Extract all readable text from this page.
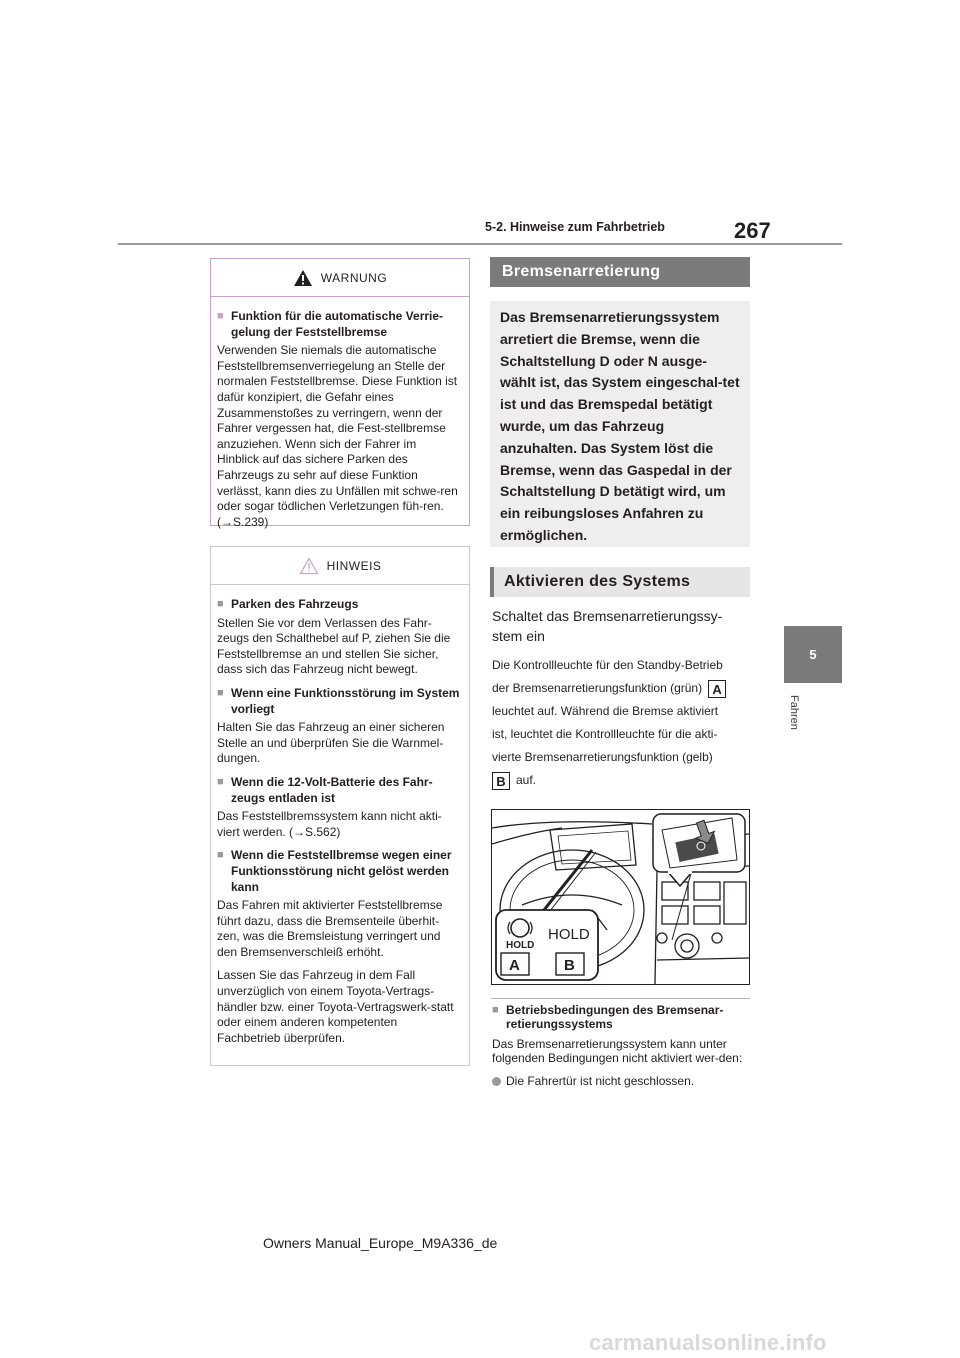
5-2. Hinweise zum Fahrbetrieb	267
5
Fahren
WARNUNG
■ Funktion für die automatische Verrie-gelung der Feststellbremse
Verwenden Sie niemals die automatische Feststellbremsenverriegelung an Stelle der normalen Feststellbremse. Diese Funktion ist dafür konzipiert, die Gefahr eines Zusammenstoßes zu verringern, wenn der Fahrer vergessen hat, die Fest-stellbremse anzuziehen. Wenn sich der Fahrer im Hinblick auf das sichere Parken des Fahrzeugs zu sehr auf diese Funktion verlässt, kann dies zu Unfällen mit schwe-ren oder sogar tödlichen Verletzungen füh-ren. (→S.239)
HINWEIS
■ Parken des Fahrzeugs
Stellen Sie vor dem Verlassen des Fahr-zeugs den Schalthebel auf P, ziehen Sie die Feststellbremse an und stellen Sie sicher, dass sich das Fahrzeug nicht bewegt.
■ Wenn eine Funktionsstörung im System vorliegt
Halten Sie das Fahrzeug an einer sicheren Stelle an und überprüfen Sie die Warnmel-dungen.
■ Wenn die 12-Volt-Batterie des Fahr-zeugs entladen ist
Das Feststellbremssystem kann nicht akti-viert werden. (→S.562)
■ Wenn die Feststellbremse wegen einer Funktionsstörung nicht gelöst werden kann
Das Fahren mit aktivierter Feststellbremse führt dazu, dass die Bremsenteile überhit-zen, was die Bremsleistung verringert und den Bremsenverschleiß erhöht.
Lassen Sie das Fahrzeug in dem Fall unverzüglich von einem Toyota-Vertrags-händler bzw. einer Toyota-Vertragswerk-statt oder einem anderen kompetenten Fachbetrieb überprüfen.
Bremsenarretierung
Das Bremsenarretierungssystem arretiert die Bremse, wenn die Schaltstellung D oder N ausge-wählt ist, das System eingeschal-tet ist und das Bremspedal betätigt wurde, um das Fahrzeug anzuhalten. Das System löst die Bremse, wenn das Gaspedal in der Schaltstellung D betätigt wird, um ein reibungsloses Anfahren zu ermöglichen.
Aktivieren des Systems
Schaltet das Bremsenarretierungssy-stem ein
Die Kontrollleuchte für den Standby-Betrieb
der Bremsenarretierungsfunktion (grün) A
leuchtet auf. Während die Bremse aktiviert
ist, leuchtet die Kontrollleuchte für die akti-
vierte Bremsenarretierungsfunktion (gelb)
B auf.
HOLD
HOLD
A	B
■ Betriebsbedingungen des Bremsenar-retierungssystems
Das Bremsenarretierungssystem kann unter folgenden Bedingungen nicht aktiviert wer-den:
Die Fahrertür ist nicht geschlossen.
Owners Manual_Europe_M9A336_de
carmanualsonline.info
